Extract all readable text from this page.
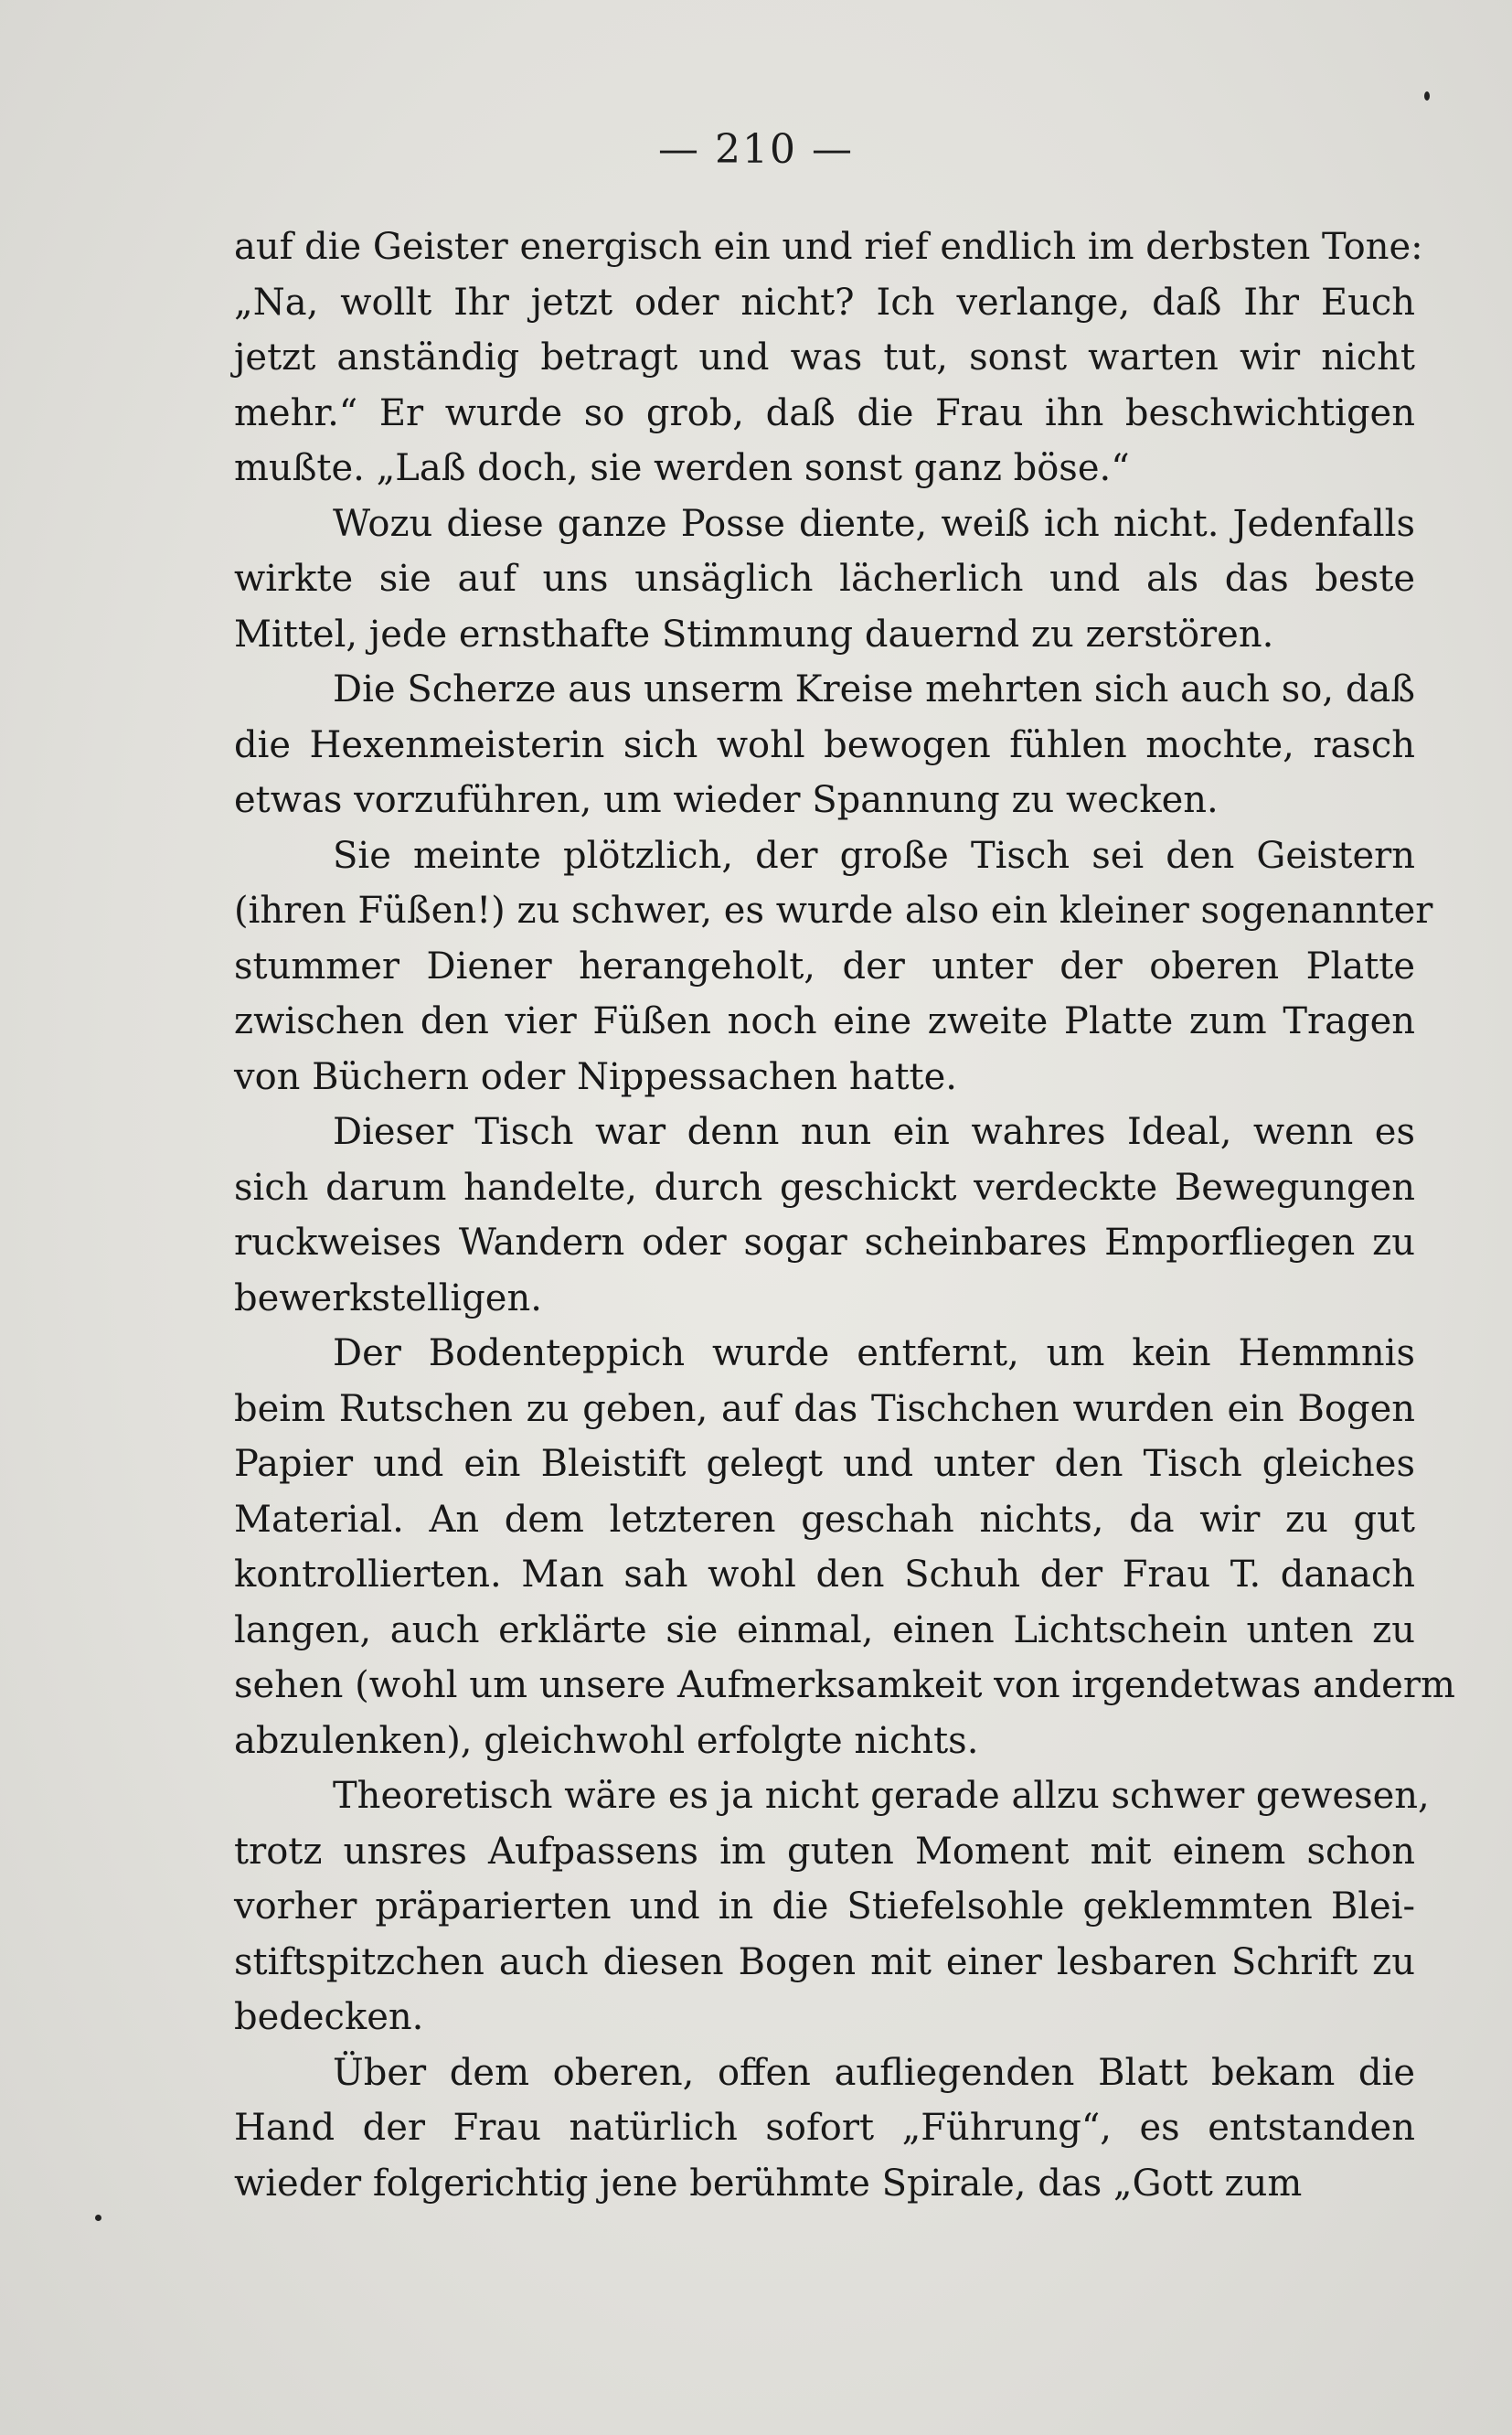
— 210 —
auf die Geister energisch ein und rief endlich im derbsten Tone:
„Na, wollt Ihr jetzt oder nicht? Ich verlange, daß Ihr Euch
jetzt anständig betragt und was tut, sonst warten wir nicht
mehr.“ Er wurde so grob, daß die Frau ihn beschwichtigen
mußte. „Laß doch, sie werden sonst ganz böse.“
Wozu diese ganze Posse diente, weiß ich nicht. Jedenfalls
wirkte sie auf uns unsäglich lächerlich und als das beste
Mittel, jede ernsthafte Stimmung dauernd zu zerstören.
Die Scherze aus unserm Kreise mehrten sich auch so, daß
die Hexenmeisterin sich wohl bewogen fühlen mochte, rasch
etwas vorzuführen, um wieder Spannung zu wecken.
Sie meinte plötzlich, der große Tisch sei den Geistern
(ihren Füßen!) zu schwer, es wurde also ein kleiner sogenannter
stummer Diener herangeholt, der unter der oberen Platte
zwischen den vier Füßen noch eine zweite Platte zum Tragen
von Büchern oder Nippessachen hatte.
Dieser Tisch war denn nun ein wahres Ideal, wenn es
sich darum handelte, durch geschickt verdeckte Bewegungen
ruckweises Wandern oder sogar scheinbares Emporfliegen zu
bewerkstelligen.
Der Bodenteppich wurde entfernt, um kein Hemmnis
beim Rutschen zu geben, auf das Tischchen wurden ein Bogen
Papier und ein Bleistift gelegt und unter den Tisch gleiches
Material. An dem letzteren geschah nichts, da wir zu gut
kontrollierten. Man sah wohl den Schuh der Frau T. danach
langen, auch erklärte sie einmal, einen Lichtschein unten zu
sehen (wohl um unsere Aufmerksamkeit von irgendetwas anderm
abzulenken), gleichwohl erfolgte nichts.
Theoretisch wäre es ja nicht gerade allzu schwer gewesen,
trotz unsres Aufpassens im guten Moment mit einem schon
vorher präparierten und in die Stiefelsohle geklemmten Blei-
stiftspitzchen auch diesen Bogen mit einer lesbaren Schrift zu
bedecken.
Über dem oberen, offen aufliegenden Blatt bekam die
Hand der Frau natürlich sofort „Führung“, es entstanden
wieder folgerichtig jene berühmte Spirale, das „Gott zum
